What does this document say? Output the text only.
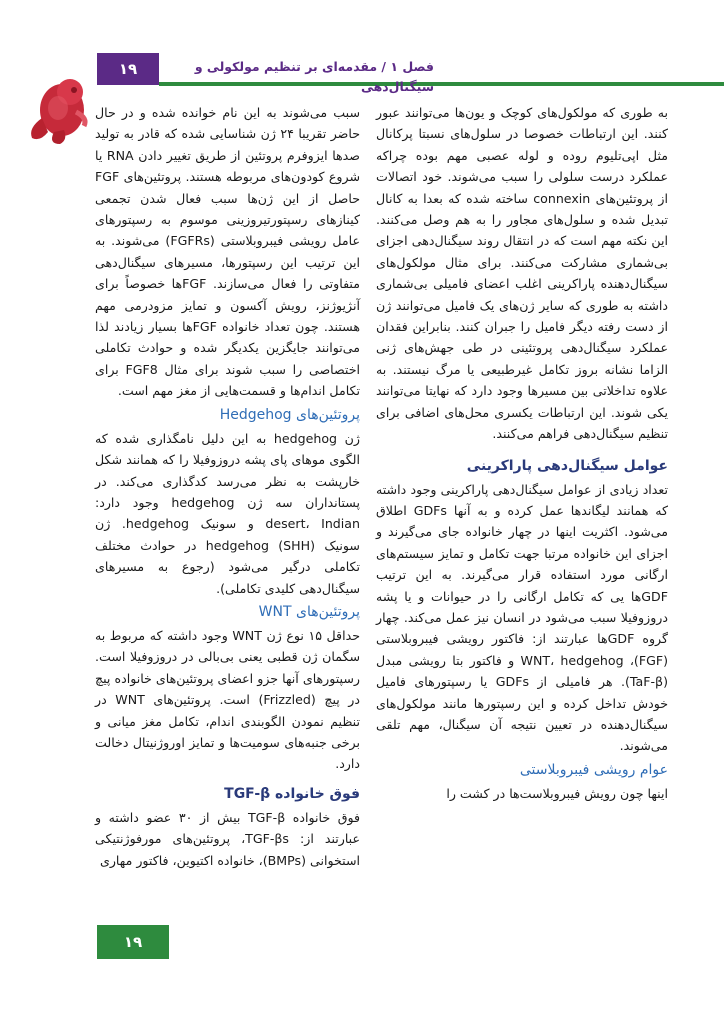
۱۹	فصل ۱ / مقدمه‌ای بر تنظیم مولکولی و سیگنال‌دهی

به طوری که مولکول‌های کوچک و یون‌ها می‌توانند عبور کنند. این ارتباطات خصوصا در سلول‌های نسبتا پرکانال مثل اپی‌تلیوم روده و لوله عصبی مهم بوده چراکه عملکرد درست سلولی را سبب می‌شوند. خود اتصالات از پروتئین‌های connexin ساخته شده که بعدا به کانال تبدیل شده و سلول‌های مجاور را به هم وصل می‌کنند. این نکته مهم است که در انتقال روند سیگنال‌دهی اجزای بی‌شماری مشارکت می‌کنند. برای مثال مولکول‌های سیگنال‌دهنده پاراکرینی اغلب اعضای فامیلی بی‌شماری داشته به طوری که سایر ژن‌های یک فامیل می‌توانند ژن از دست رفته دیگر فامیل را جبران کنند. بنابراین فقدان عملکرد سیگنال‌دهی پروتئینی در طی جهش‌های ژنی الزاما نشانه بروز تکامل غیرطبیعی یا مرگ نیستند. به علاوه تداخلاتی بین مسیرها وجود دارد که نهایتا می‌توانند یکی شوند. این ارتباطات یکسری محل‌های اضافی برای تنظیم سیگنال‌دهی فراهم می‌کنند.

عوامل سیگنال‌دهی پاراکرینی

تعداد زیادی از عوامل سیگنال‌دهی پاراکرینی وجود داشته که همانند لیگاندها عمل کرده و به آنها GDFs اطلاق می‌شود. اکثریت اینها در چهار خانواده جای می‌گیرند و اجزای این خانواده مرتبا جهت تکامل و تمایز سیستم‌های ارگانی مورد استفاده قرار می‌گیرند. به این ترتیب GDFها یی که تکامل ارگانی را در حیوانات و یا پشه دروزوفیلا سبب می‌شود در انسان نیز عمل می‌کند. چهار گروه GDFها عبارتند از: فاکتور رویشی فیبروبلاستی (FGF)، WNT، hedgehog و فاکتور بتا رویشی مبدل (TaF-β). هر فامیلی از GDFs یا رسپتورهای فامیل خودش تداخل کرده و این رسپتورها مانند مولکول‌های سیگنال‌دهنده در تعیین نتیجه آن سیگنال، مهم تلقی می‌شوند.

عوام رویشی فیبروبلاستی

اینها چون رویش فیبروبلاست‌ها در کشت را

سبب می‌شوند به این نام خوانده شده و در حال حاضر تقریبا ۲۴ ژن شناسایی شده که قادر به تولید صدها ایزوفرم پروتئین از طریق تغییر دادن RNA یا شروع کودون‌های مربوطه هستند. پروتئین‌های FGF حاصل از این ژن‌ها سبب فعال شدن تجمعی کینازهای رسپتورتیروزینی موسوم به رسپتورهای عامل رویشی فیبروبلاستی (FGFRs) می‌شوند. به این ترتیب این رسپتورها، مسیرهای سیگنال‌دهی متفاوتی را فعال می‌سازند. FGFها خصوصاً برای آنژیوژنز، رویش آکسون و تمایز مزودرمی مهم هستند. چون تعداد خانواده FGFها بسیار زیادند لذا می‌توانند جایگزین یکدیگر شده و حوادث تکاملی اختصاصی را سبب شوند برای مثال FGF8 برای تکامل اندام‌ها و قسمت‌هایی از مغز مهم است.

پروتئین‌های Hedgehog

ژن hedgehog به این دلیل نامگذاری شده که الگوی موهای پای پشه دروزوفیلا را که همانند شکل خارپشت به نظر می‌رسد کدگذاری می‌کند. در پستانداران سه ژن hedgehog وجود دارد: desert، Indian و سونیک hedgehog. ژن سونیک hedgehog (SHH) در حوادث مختلف تکاملی درگیر می‌شود (رجوع به مسیرهای سیگنال‌دهی کلیدی تکاملی).

پروتئین‌های WNT

حداقل ۱۵ نوع ژن WNT وجود داشته که مربوط به سگمان ژن قطبی یعنی بی‌بالی در دروزوفیلا است. رسپتورهای آنها جزو اعضای پروتئین‌های خانواده پیچ در پیچ (Frizzled) است. پروتئین‌های WNT در تنظیم نمودن الگوبندی اندام، تکامل مغز میانی و برخی جنبه‌های سومیت‌ها و تمایز اوروژنیتال دخالت دارد.

فوق خانواده TGF-β

فوق خانواده TGF-β بیش از ۳۰ عضو داشته و عبارتند از: TGF-βs، پروتئین‌های مورفوژنتیکی استخوانی (BMPs)، خانواده اکتیوین، فاکتور مهاری

۱۹
